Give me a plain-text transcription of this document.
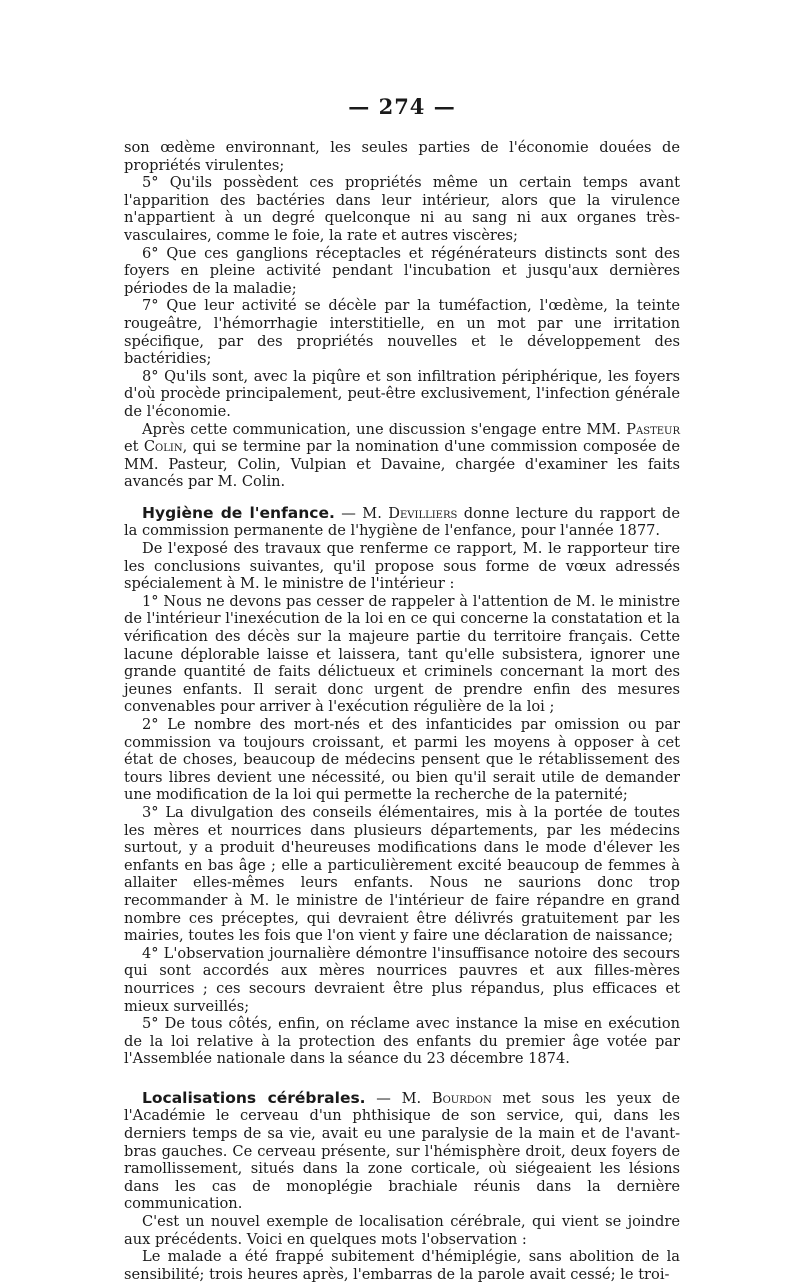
— 274 —

son œdème environnant, les seules parties de l'économie douées de propriétés virulentes;

5° Qu'ils possèdent ces propriétés même un certain temps avant l'apparition des bactéries dans leur intérieur, alors que la virulence n'appartient à un degré quelconque ni au sang ni aux organes très-vasculaires, comme le foie, la rate et autres viscères;

6° Que ces ganglions réceptacles et régénérateurs distincts sont des foyers en pleine activité pendant l'incubation et jusqu'aux dernières périodes de la maladie;

7° Que leur activité se décèle par la tuméfaction, l'œdème, la teinte rougeâtre, l'hémorrhagie interstitielle, en un mot par une irritation spécifique, par des propriétés nouvelles et le développement des bactéridies;

8° Qu'ils sont, avec la piqûre et son infiltration périphérique, les foyers d'où procède principalement, peut-être exclusivement, l'infection générale de l'économie.

Après cette communication, une discussion s'engage entre MM. Pasteur et Colin, qui se termine par la nomination d'une commission composée de MM. Pasteur, Colin, Vulpian et Davaine, chargée d'examiner les faits avancés par M. Colin.

Hygiène de l'enfance. — M. Devilliers donne lecture du rapport de la commission permanente de l'hygiène de l'enfance, pour l'année 1877.

De l'exposé des travaux que renferme ce rapport, M. le rapporteur tire les conclusions suivantes, qu'il propose sous forme de vœux adressés spécialement à M. le ministre de l'intérieur :

1° Nous ne devons pas cesser de rappeler à l'attention de M. le ministre de l'intérieur l'inexécution de la loi en ce qui concerne la constatation et la vérification des décès sur la majeure partie du territoire français. Cette lacune déplorable laisse et laissera, tant qu'elle subsistera, ignorer une grande quantité de faits délictueux et criminels concernant la mort des jeunes enfants. Il serait donc urgent de prendre enfin des mesures convenables pour arriver à l'exécution régulière de la loi ;

2° Le nombre des mort-nés et des infanticides par omission ou par commission va toujours croissant, et parmi les moyens à opposer à cet état de choses, beaucoup de médecins pensent que le rétablissement des tours libres devient une nécessité, ou bien qu'il serait utile de demander une modification de la loi qui permette la recherche de la paternité;

3° La divulgation des conseils élémentaires, mis à la portée de toutes les mères et nourrices dans plusieurs départements, par les médecins surtout, y a produit d'heureuses modifications dans le mode d'élever les enfants en bas âge ; elle a particulièrement excité beaucoup de femmes à allaiter elles-mêmes leurs enfants. Nous ne saurions donc trop recommander à M. le ministre de l'intérieur de faire répandre en grand nombre ces préceptes, qui devraient être délivrés gratuitement par les mairies, toutes les fois que l'on vient y faire une déclaration de naissance;

4° L'observation journalière démontre l'insuffisance notoire des secours qui sont accordés aux mères nourrices pauvres et aux filles-mères nourrices ; ces secours devraient être plus répandus, plus efficaces et mieux surveillés;

5° De tous côtés, enfin, on réclame avec instance la mise en exécution de la loi relative à la protection des enfants du premier âge votée par l'Assemblée nationale dans la séance du 23 décembre 1874.

Localisations cérébrales. — M. Bourdon met sous les yeux de l'Académie le cerveau d'un phthisique de son service, qui, dans les derniers temps de sa vie, avait eu une paralysie de la main et de l'avant-bras gauches. Ce cerveau présente, sur l'hémisphère droit, deux foyers de ramollissement, situés dans la zone corticale, où siégeaient les lésions dans les cas de monoplégie brachiale réunis dans la dernière communication.

C'est un nouvel exemple de localisation cérébrale, qui vient se joindre aux précédents. Voici en quelques mots l'observation :

Le malade a été frappé subitement d'hémiplégie, sans abolition de la sensibilité; trois heures après, l'embarras de la parole avait cessé; le troi-
